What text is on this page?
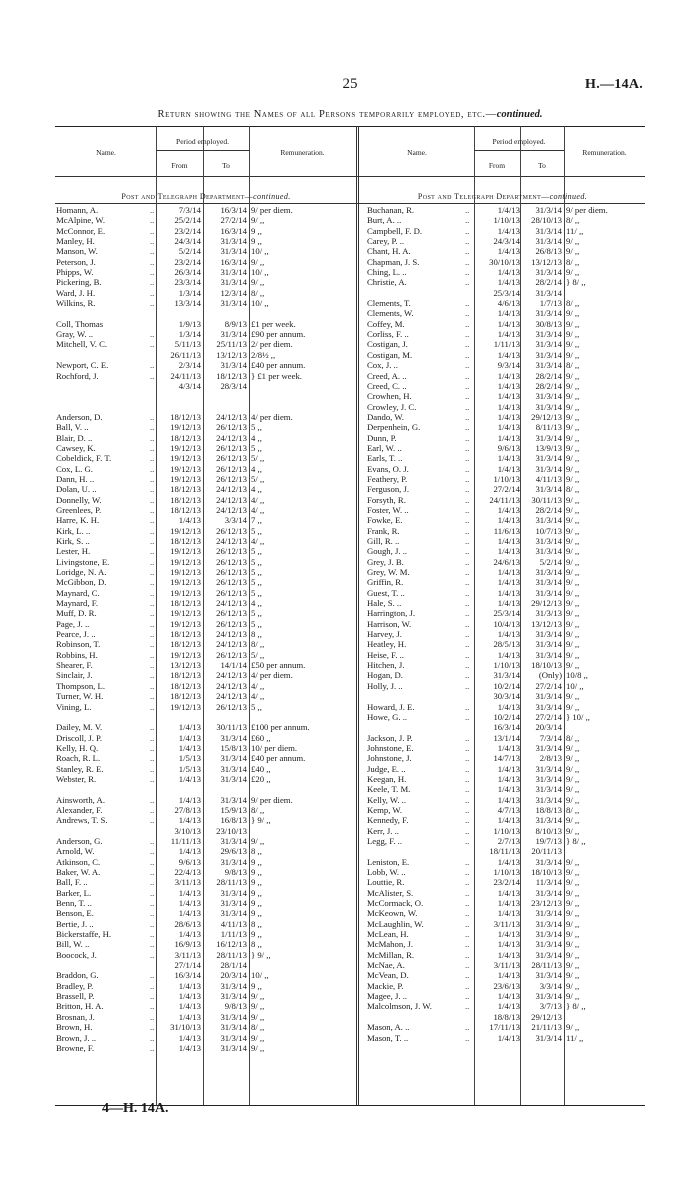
25	H.—14A.
Return showing the Names of all Persons temporarily employed, etc.—continued.
Name.
Period employed.
From	To
Remuneration.	Name.
Period employed.
From	To
Remuneration.
Post and Telegraph Department—continued.	Post and Telegraph Department—continued.
Homann, A.	..	7/3/14	16/3/14 9/ per diem.
McAlpine, W.	..	25/2/14	27/2/14 9/ ,,
McConnor, E.	..	23/2/14	16/3/14 9 ,,
Manley, H.	..	24/3/14	31/3/14 9 ,,
Manson, W.	..	5/2/14	31/3/14 10/ ,,
Peterson, J.	..	23/2/14	16/3/14 9/ ,,
Phipps, W.	..	26/3/14	31/3/14 10/ ,,
Pickering, B.	..	23/3/14	31/3/14 9/ ,,
Ward, J. H.	..	1/3/14	12/3/14 8/ ,,
Wilkins, R.	..	13/3/14	31/3/14 10/ ,,
Coll, Thomas	1/9/13	8/9/13 £1 per week.
Gray, W. ..	..	1/3/14	31/3/14 £90 per annum.
Mitchell, V. C.	..	5/11/13	25/11/13 2/ per diem.
26/11/13	13/12/13 2/8½ ,,
Newport, C. E.	..	2/3/14	31/3/14 £40 per annum.
Rochford, J.	..	24/11/13	18/12/13 } £1 per week.
4/3/14	28/3/14
Anderson, D.	..	18/12/13	24/12/13 4/ per diem.
Ball, V. ..	..	19/12/13	26/12/13 5 ,,
Blair, D. ..	..	18/12/13	24/12/13 4 ,,
Cawsey, K.	..	19/12/13	26/12/13 5 ,,
Cobeldick, F. T.	..	19/12/13	26/12/13 5/ ,,
Cox, L. G.	..	19/12/13	26/12/13 4 ,,
Dann, H. ..	..	19/12/13	26/12/13 5/ ,,
Dolan, U. ..	..	18/12/13	24/12/13 4 ,,
Donnelly, W.	..	18/12/13	24/12/13 4/ ,,
Greenlees, P.	..	18/12/13	24/12/13 4/ ,,
Harre, K. H.	..	1/4/13	3/3/14 7 ,,
Kirk, L. ..	..	19/12/13	26/12/13 5 ,,
Kirk, S. ..	..	18/12/13	24/12/13 4/ ,,
Lester, H.	..	19/12/13	26/12/13 5 ,,
Livingstone, E.	..	19/12/13	26/12/13 5 ,,
Loridge, N. A.	..	19/12/13	26/12/13 5 ,,
McGibbon, D.	..	19/12/13	26/12/13 5 ,,
Maynard, C.	..	19/12/13	26/12/13 5 ,,
Maynard, F.	..	18/12/13	24/12/13 4 ,,
Muff, D. R.	..	19/12/13	26/12/13 5 ,,
Page, J. ..	..	19/12/13	26/12/13 5 ,,
Pearce, J. ..	..	18/12/13	24/12/13 8 ,,
Robinson, T.	..	18/12/13	24/12/13 8/ ,,
Robbins, H.	..	19/12/13	26/12/13 5/ ,,
Shearer, F.	..	13/12/13	14/1/14 £50 per annum.
Sinclair, J.	..	18/12/13	24/12/13 4/ per diem.
Thompson, L.	..	18/12/13	24/12/13 4/ ,,
Turner, W. H.	..	18/12/13	24/12/13 4/ ,,
Vining, L.	..	19/12/13	26/12/13 5 ,,
Dailey, M. V.	..	1/4/13	30/11/13 £100 per annum.
Driscoll, J. P.	..	1/4/13	31/3/14 £60 ,,
Kelly, H. Q.	..	1/4/13	15/8/13 10/ per diem.
Roach, R. L.	..	1/5/13	31/3/14 £40 per annum.
Stanley, R. E.	..	1/5/13	31/3/14 £40 ,,
Webster, R.	..	1/4/13	31/3/14 £20 ,,
Ainsworth, A.	..	1/4/13	31/3/14 9/ per diem.
Alexander, F.	..	27/8/13	15/9/13 8/ ,,
Andrews, T. S.	..	1/4/13	16/8/13 } 9/ ,,
3/10/13	23/10/13
Anderson, G.	..	11/11/13	31/3/14 9/ ,,
Arnold, W.	..	1/4/13	29/6/13 8 ,,
Atkinson, C.	..	9/6/13	31/3/14 9 ,,
Baker, W. A.	..	22/4/13	9/8/13 9 ,,
Ball, F. ..	..	3/11/13	28/11/13 9 ,,
Barker, L.	..	1/4/13	31/3/14 9 ,,
Benn, T. ..	..	1/4/13	31/3/14 9 ,,
Benson, E.	..	1/4/13	31/3/14 9 ,,
Bertie, J. ..	..	28/6/13	4/11/13 8 ,,
Bickerstaffe, H.	..	1/4/13	1/11/13 9 ,,
Bill, W. ..	..	16/9/13	16/12/13 8 ,,
Boocock, J.	..	3/11/13	28/11/13 } 9/ ,,
27/1/14	28/1/14
Braddon, G.	..	16/3/14	20/3/14 10/ ,,
Bradley, P.	..	1/4/13	31/3/14 9 ,,
Brassell, P.	..	1/4/13	31/3/14 9/ ,,
Britton, H. A.	..	1/4/13	9/8/13 9/ ,,
Brosnan, J.	..	1/4/13	31/3/14 9/ ,,
Brown, H.	..	31/10/13	31/3/14 8/ ,,
Brown, J. ..	..	1/4/13	31/3/14 9/ ,,
Browne, F.	..	1/4/13	31/3/14 9/ ,,
Buchanan, R.	..	1/4/13	31/3/14 9/ per diem.
Burt, A. ..	..	1/10/13	28/10/13 8/ ,,
Campbell, F. D.	..	1/4/13	31/3/14 11/ ,,
Carey, P. ..	..	24/3/14	31/3/14 9/ ,,
Chant, H. A.	..	1/4/13	26/8/13 9/ ,,
Chapman, J. S.	..	30/10/13	13/12/13 8/ ,,
Ching, L. ..	..	1/4/13	31/3/14 9/ ,,
Christie, A.	..	1/4/13	28/2/14 } 8/ ,,
25/3/14	31/3/14
Clements, T.	..	4/6/13	1/7/13 8/ ,,
Clements, W.	..	1/4/13	31/3/14 9/ ,,
Coffey, M.	..	1/4/13	30/8/13 9/ ,,
Corliss, F. ..	..	1/4/13	31/3/14 9/ ,,
Costigan, J.	..	1/11/13	31/3/14 9/ ,,
Costigan, M.	..	1/4/13	31/3/14 9/ ,,
Cox, J. ..	..	9/3/14	31/3/14 8/ ,,
Creed, A. ..	..	1/4/13	28/2/14 9/ ,,
Creed, C. ..	..	1/4/13	28/2/14 9/ ,,
Crowhen, H.	..	1/4/13	31/3/14 9/ ,,
Crowley, J. C.	..	1/4/13	31/3/14 9/ ,,
Dando, W.	..	1/4/13	29/12/13 9/ ,,
Derpenhein, G.	..	1/4/13	8/11/13 9/ ,,
Dunn, P.	..	1/4/13	31/3/14 9/ ,,
Earl, W. ..	..	9/6/13	13/9/13 9/ ,,
Earls, T. ..	..	1/4/13	31/3/14 9/ ,,
Evans, O. J.	..	1/4/13	31/3/14 9/ ,,
Feathery, P.	..	1/10/13	4/11/13 9/ ,,
Ferguson, J.	..	27/2/14	31/3/14 8/ ,,
Forsyth, R.	..	24/11/13	30/11/13 9/ ,,
Foster, W. ..	..	1/4/13	28/2/14 9/ ,,
Fowke, E.	..	1/4/13	31/3/14 9/ ,,
Frank, R.	..	11/6/13	10/7/13 9/ ,,
Gill, R. ..	..	1/4/13	31/3/14 9/ ,,
Gough, J. ..	..	1/4/13	31/3/14 9/ ,,
Grey, J. B.	..	24/6/13	5/2/14 9/ ,,
Grey, W. M.	..	1/4/13	31/3/14 9/ ,,
Griffin, R.	..	1/4/13	31/3/14 9/ ,,
Guest, T. ..	..	1/4/13	31/3/14 9/ ,,
Hale, S. ..	..	1/4/13	29/12/13 9/ ,,
Harrington, J.	..	25/3/14	31/3/13 9/ ,,
Harrison, W.	..	10/4/13	13/12/13 9/ ,,
Harvey, J.	..	1/4/13	31/3/14 9/ ,,
Heatley, H.	..	28/5/13	31/3/14 9/ ,,
Heise, F. ..	..	1/4/13	31/3/14 9/ ,,
Hitchen, J.	..	1/10/13	18/10/13 9/ ,,
Hogan, D.	..	31/3/14	(Only) 10/8 ,,
Holly, J. ..	..	10/2/14	27/2/14 10/ ,,
30/3/14	31/3/14 9/ ,,
Howard, J. E.	..	1/4/13	31/3/14 9/ ,,
Howe, G. ..	..	10/2/14	27/2/14 } 10/ ,,
16/3/14	20/3/14
Jackson, J. P.	..	13/1/14	7/3/14 8/ ,,
Johnstone, E.	..	1/4/13	31/3/14 9/ ,,
Johnstone, J.	..	14/7/13	2/8/13 9/ ,,
Judge, E. ..	..	1/4/13	31/3/14 9/ ,,
Keegan, H.	..	1/4/13	31/3/14 9/ ,,
Keele, T. M.	..	1/4/13	31/3/14 9/ ,,
Kelly, W. ..	..	1/4/13	31/3/14 9/ ,,
Kemp, W.	..	4/7/13	18/8/13 8/ ,,
Kennedy, F.	..	1/4/13	31/3/14 9/ ,,
Kerr, J. ..	..	1/10/13	8/10/13 9/ ,,
Legg, F. ..	..	2/7/13	19/7/13 } 8/ ,,
18/11/13	20/11/13
Leniston, E.	..	1/4/13	31/3/14 9/ ,,
Lobb, W. ..	..	1/10/13	18/10/13 9/ ,,
Louttie, R.	..	23/2/14	11/3/14 9/ ,,
McAlister, S.	..	1/4/13	31/3/14 9/ ,,
McCormack, O.	..	1/4/13	23/12/13 9/ ,,
McKeown, W.	..	1/4/13	31/3/14 9/ ,,
McLaughlin, W.	..	3/11/13	31/3/14 9/ ,,
McLean, H.	..	1/4/13	31/3/14 9/ ,,
McMahon, J.	..	1/4/13	31/3/14 9/ ,,
McMillan, R.	..	1/4/13	31/3/14 9/ ,,
McNae, A.	..	3/11/13	28/11/13 9/ ,,
McVean, D.	..	1/4/13	31/3/14 9/ ,,
Mackie, P.	..	23/6/13	3/3/14 9/ ,,
Magee, J. ..	..	1/4/13	31/3/14 9/ ,,
Malcolmson, J. W.	..	1/4/13	3/7/13 } 8/ ,,
18/8/13	29/12/13
Mason, A. ..	..	17/11/13	21/11/13 9/ ,,
Mason, T. ..	..	1/4/13	31/3/14 11/ ,,
4—H. 14A.
